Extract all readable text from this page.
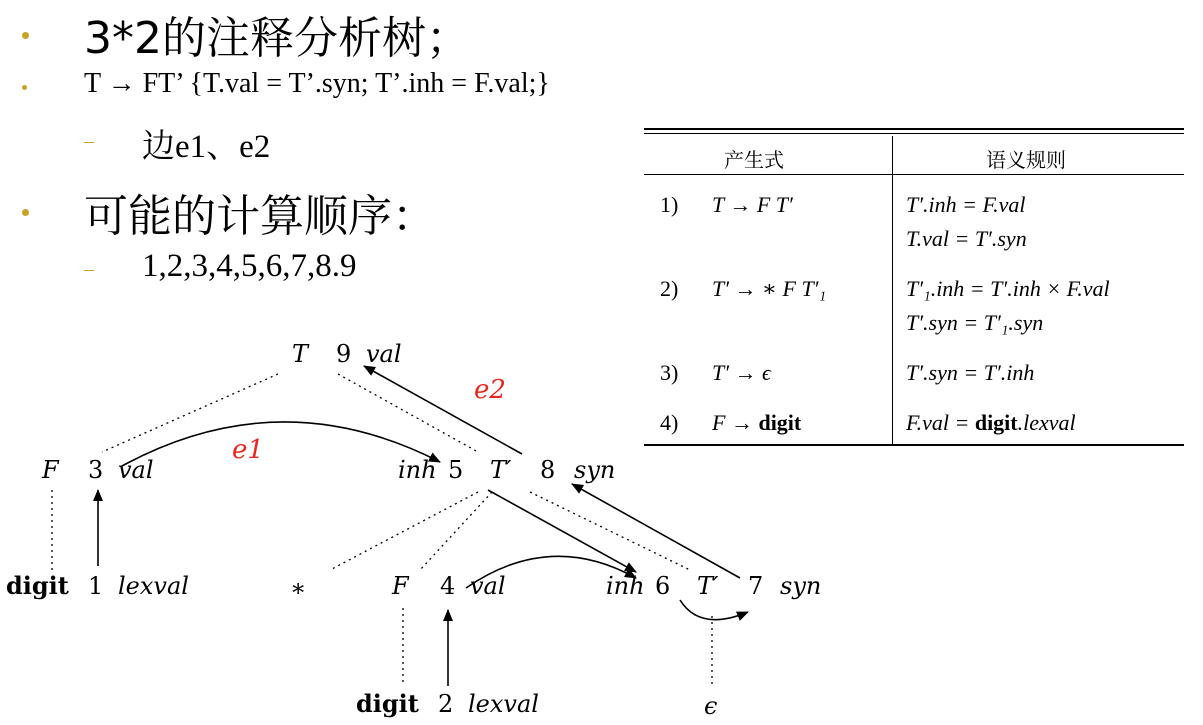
3*2的注释分析树；
T → FT’ {T.val = T’.syn; T’.inh = F.val;}
– 边e1、e2
可能的计算顺序：
– 1,2,3,4,5,6,7,8.9
产生式	语义规则
1) T → F T′	T′.inh = F.val
T.val = T′.syn
2) T′ → ∗ F T′₁	T′₁.inh = T′.inh × F.val
T′.syn = T′₁.syn
3) T′ → ϵ	T′.syn = T′.inh
4) F → digit	F.val = digit.lexval
T 9 val
e2
e1
F 3 val	inh 5 T′ 8 syn
digit 1 lexval	∗	F 4 val	inh 6 T′ 7 syn
digit 2 lexval	ϵ
